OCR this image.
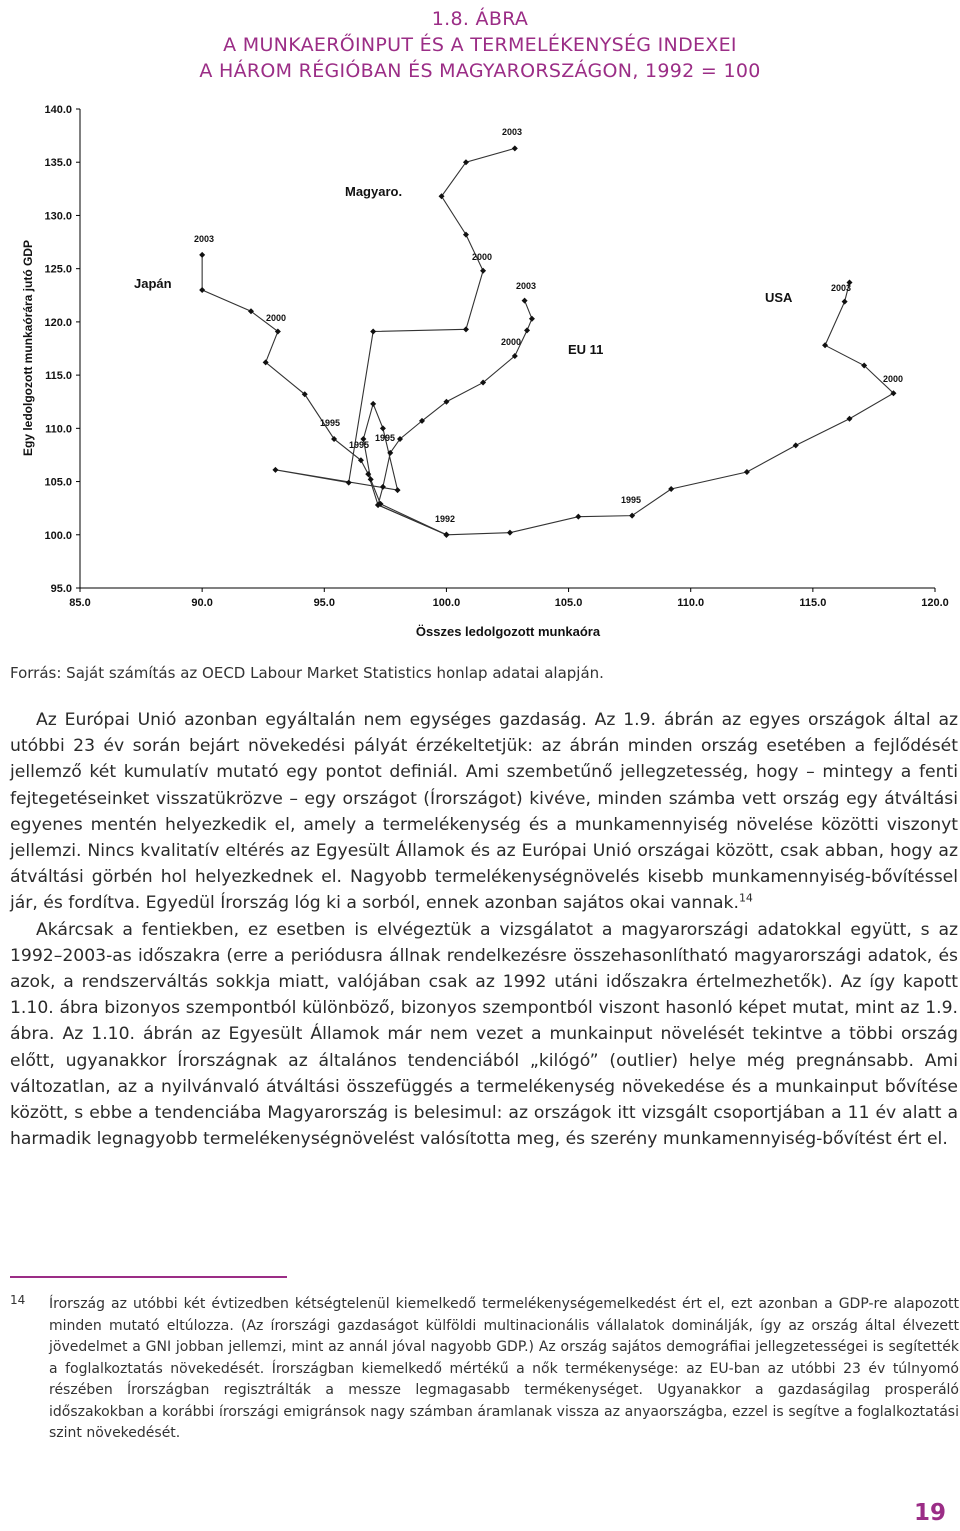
1.8. ÁBRA
A MUNKAERŐINPUT ÉS A TERMELÉKENYSÉG INDEXEI
A HÁROM RÉGIÓBAN ÉS MAGYARORSZÁGON, 1992 = 100
85.0	90.0	95.0	100.0	105.0	110.0	115.0	120.0
95.0
100.0
105.0
110.0
115.0
120.0
125.0
130.0
135.0
140.0
Japán
Magyaro.
EU 11
USA
2003
2003
2003	2003
2000
2000
2000
2000
1995
1995
1995
1995
1992
Összes ledolgozott munkaóra
Egy ledolgozott munkaórára jutó GDP
Forrás: Saját számítás az OECD Labour Market Statistics honlap adatai alapján.

Az Európai Unió azonban egyáltalán nem egységes gazdaság. Az 1.9. ábrán az egyes országok által az utóbbi 23 év során bejárt növekedési pályát érzékeltetjük: az ábrán minden ország esetében a fejlődését jellemző két kumulatív mutató egy pontot definiál. Ami szembetűnő jellegzetesség, hogy – mintegy a fenti fejtegetéseinket visszatükrözve – egy országot (Írországot) kivéve, minden számba vett ország egy átváltási egyenes mentén helyezkedik el, amely a termelékenység és a munkamennyiség növelése közötti viszonyt jellemzi. Nincs kvalitatív eltérés az Egyesült Államok és az Európai Unió országai között, csak abban, hogy az átváltási görbén hol helyezkednek el. Nagyobb termelékenységnövelés kisebb munkamennyiség-bővítéssel jár, és fordítva. Egyedül Írország lóg ki a sorból, ennek azonban sajátos okai vannak.$^{14}$

Akárcsak a fentiekben, ez esetben is elvégeztük a vizsgálatot a magyarországi adatokkal együtt, s az 1992–2003-as időszakra (erre a periódusra állnak rendelkezésre összehasonlítható magyarországi adatok, és azok, a rendszerváltás sokkja miatt, valójában csak az 1992 utáni időszakra értelmezhetők). Az így kapott 1.10. ábra bizonyos szempontból különböző, bizonyos szempontból viszont hasonló képet mutat, mint az 1.9. ábra. Az 1.10. ábrán az Egyesült Államok már nem vezet a munkainput növelését tekintve a többi ország előtt, ugyanakkor Írországnak az általános tendenciából „kilógó” (outlier) helye még pregnánsabb. Ami változatlan, az a nyilvánvaló átváltási összefüggés a termelékenység növekedése és a munkainput bővítése között, s ebbe a tendenciába Magyarország is belesimul: az országok itt vizsgált csoportjában a 11 év alatt a harmadik legnagyobb termelékenységnövelést valósította meg, és szerény munkamennyiség-bővítést ért el.

14 Írország az utóbbi két évtizedben kétségtelenül kiemelkedő termelékenységemelkedést ért el, ezt azonban a GDP-re alapozott minden mutató eltúlozza. (Az írországi gazdaságot külföldi multinacionális vállalatok dominálják, így az ország által élvezett jövedelmet a GNI jobban jellemzi, mint az annál jóval nagyobb GDP.) Az ország sajátos demográfiai jellegzetességei is segítették a foglalkoztatás növekedését. Írországban kiemelkedő mértékű a nők termékenysége: az EU-ban az utóbbi 23 év túlnyomó részében Írországban regisztrálták a messze legmagasabb termékenységet. Ugyanakkor a gazdaságilag prosperáló időszakokban a korábbi írországi emigránsok nagy számban áramlanak vissza az anyaországba, ezzel is segítve a foglalkoztatási szint növekedését.
19
